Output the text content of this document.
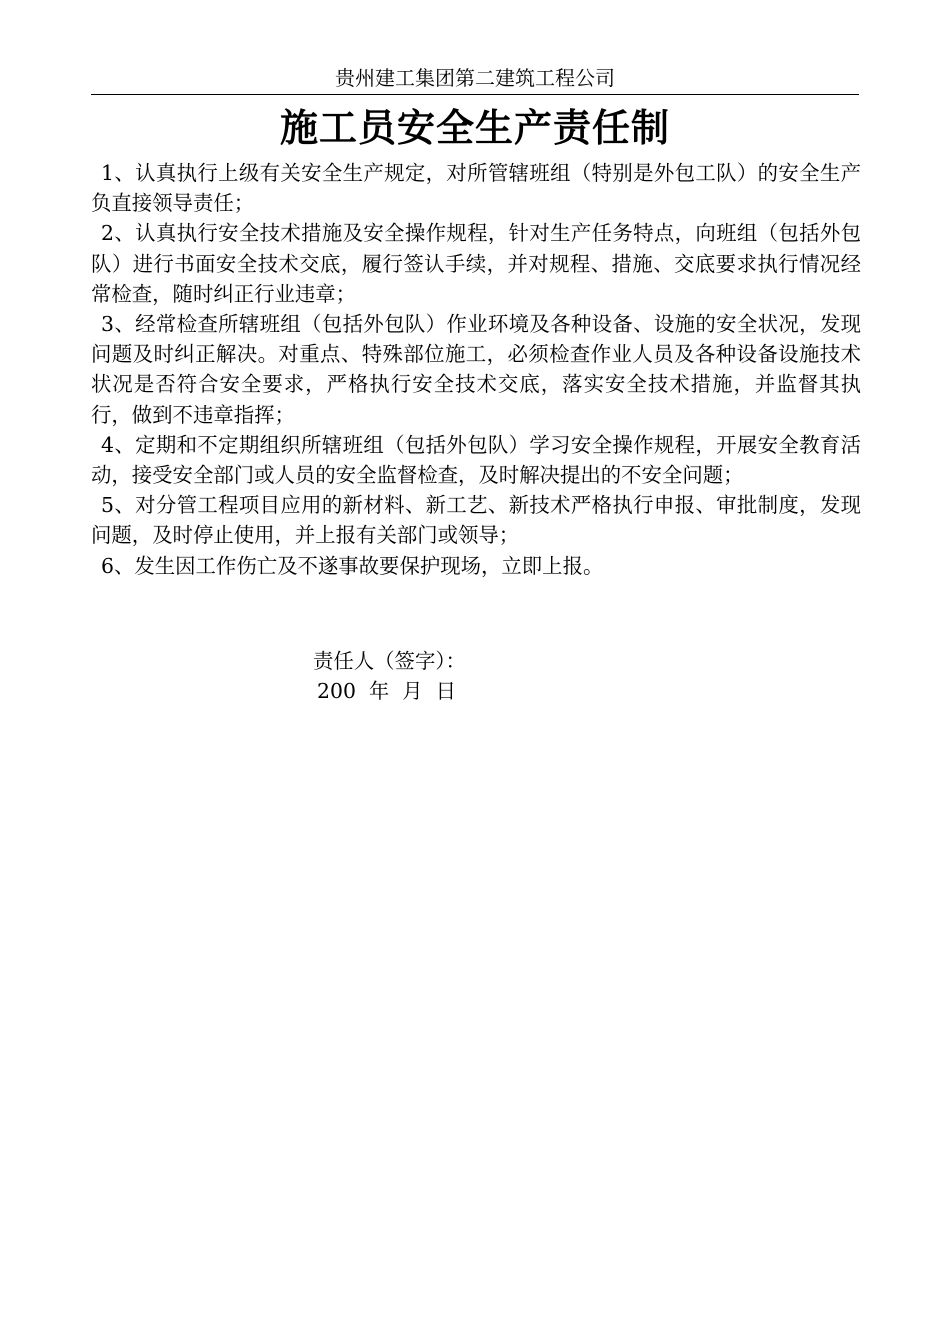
贵州建工集团第二建筑工程公司
施工员安全生产责任制

1、认真执行上级有关安全生产规定，对所管辖班组（特别是外包工队）的安全生产负直接领导责任；

2、认真执行安全技术措施及安全操作规程，针对生产任务特点，向班组（包括外包队）进行书面安全技术交底，履行签认手续，并对规程、措施、交底要求执行情况经常检查，随时纠正行业违章；

3、经常检查所辖班组（包括外包队）作业环境及各种设备、设施的安全状况，发现问题及时纠正解决。对重点、特殊部位施工，必须检查作业人员及各种设备设施技术状况是否符合安全要求，严格执行安全技术交底，落实安全技术措施，并监督其执行，做到不违章指挥；

4、定期和不定期组织所辖班组（包括外包队）学习安全操作规程，开展安全教育活动，接受安全部门或人员的安全监督检查，及时解决提出的不安全问题；

5、对分管工程项目应用的新材料、新工艺、新技术严格执行申报、审批制度，发现问题，及时停止使用，并上报有关部门或领导；

6、发生因工作伤亡及不遂事故要保护现场，立即上报。

责任人（签字）：
200  年  月  日
